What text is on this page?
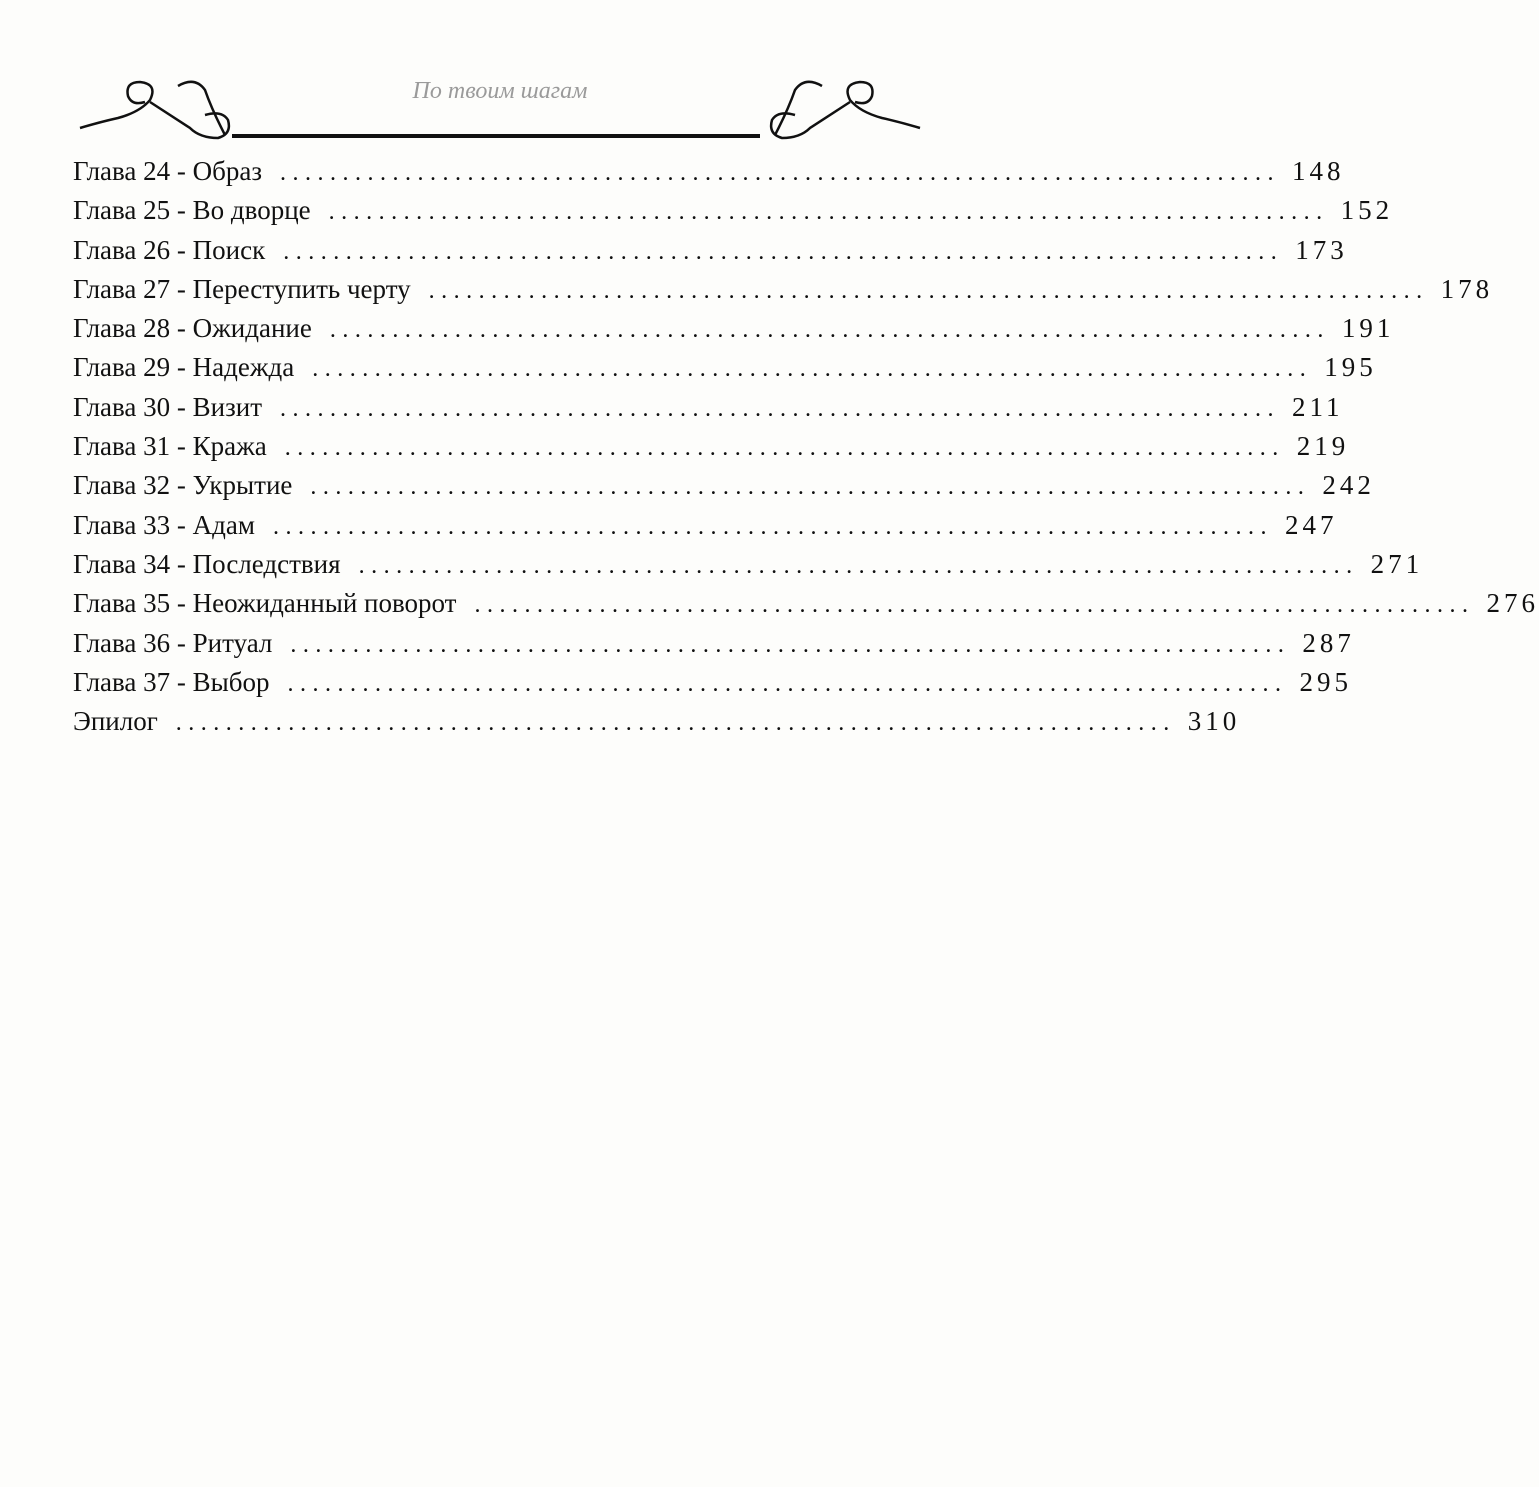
По твоим шагам
Глава 24 - Образ ................................................................................ 148
Глава 25 - Во дворце ................................................................................ 152
Глава 26 - Поиск ................................................................................ 173
Глава 27 - Переступить черту ................................................................................ 178
Глава 28 - Ожидание ................................................................................ 191
Глава 29 - Надежда ................................................................................ 195
Глава 30 - Визит ................................................................................ 211
Глава 31 - Кража ................................................................................ 219
Глава 32 - Укрытие ................................................................................ 242
Глава 33 - Адам ................................................................................ 247
Глава 34 - Последствия ................................................................................ 271
Глава 35 - Неожиданный поворот ................................................................................ 276
Глава 36 - Ритуал ................................................................................ 287
Глава 37 - Выбор ................................................................................ 295
Эпилог ................................................................................ 310
